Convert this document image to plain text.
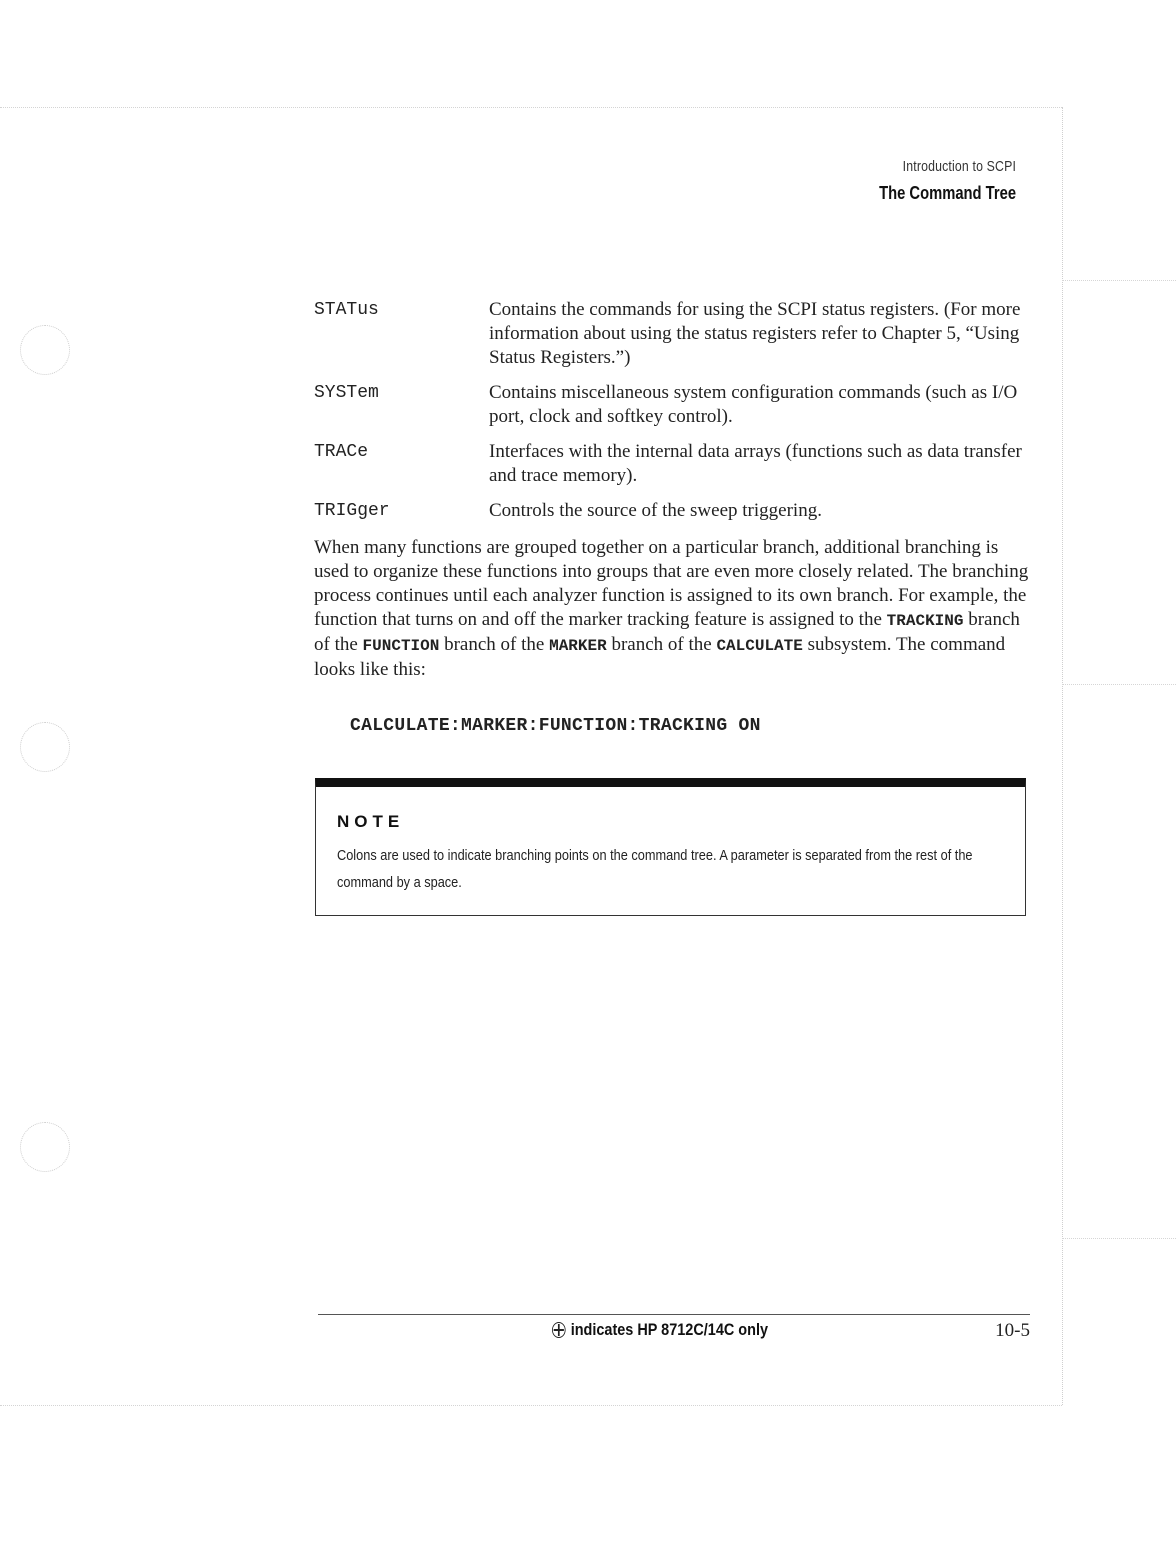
Introduction to SCPI
The Command Tree
STATus	Contains the commands for using the SCPI status registers. (For more information about using the status registers refer to Chapter 5, “Using Status Registers.”)
SYSTem	Contains miscellaneous system configuration commands (such as I/O port, clock and softkey control).
TRACe	Interfaces with the internal data arrays (functions such as data transfer and trace memory).
TRIGger	Controls the source of the sweep triggering.

When many functions are grouped together on a particular branch, additional branching is used to organize these functions into groups that are even more closely related. The branching process continues until each analyzer function is assigned to its own branch. For example, the function that turns on and off the marker tracking feature is assigned to the TRACKING branch of the FUNCTION branch of the MARKER branch of the CALCULATE subsystem. The command looks like this:

CALCULATE:MARKER:FUNCTION:TRACKING ON
NOTE
Colons are used to indicate branching points on the command tree. A parameter is separated from the rest of the command by a space.
indicates HP 8712C/14C only	10-5
